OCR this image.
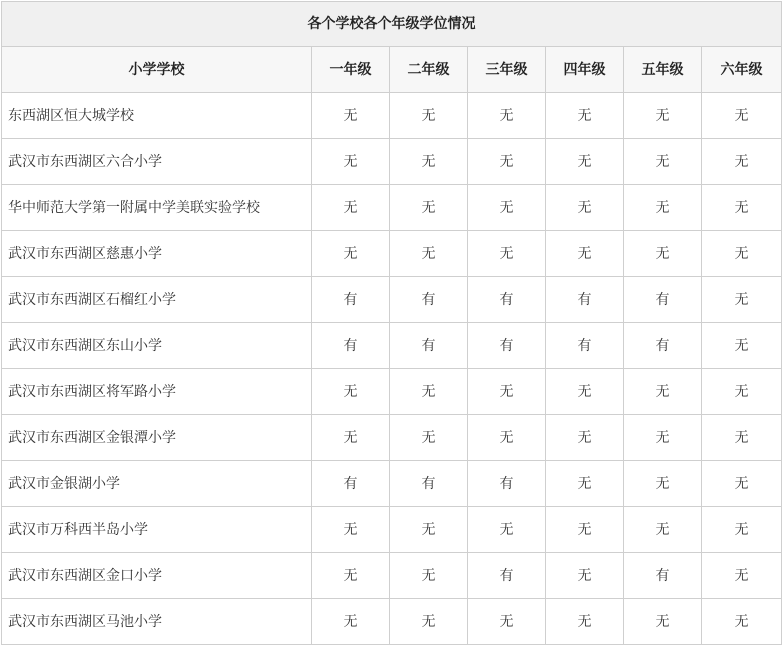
各个学校各个年级学位情况						
小学学校	一年级	二年级	三年级	四年级	五年级	六年级
东西湖区恒大城学校	无	无	无	无	无	无
武汉市东西湖区六合小学	无	无	无	无	无	无
华中师范大学第一附属中学美联实验学校	无	无	无	无	无	无
武汉市东西湖区慈惠小学	无	无	无	无	无	无
武汉市东西湖区石榴红小学	有	有	有	有	有	无
武汉市东西湖区东山小学	有	有	有	有	有	无
武汉市东西湖区将军路小学	无	无	无	无	无	无
武汉市东西湖区金银潭小学	无	无	无	无	无	无
武汉市金银湖小学	有	有	有	无	无	无
武汉市万科西半岛小学	无	无	无	无	无	无
武汉市东西湖区金口小学	无	无	有	无	有	无
武汉市东西湖区马池小学	无	无	无	无	无	无
